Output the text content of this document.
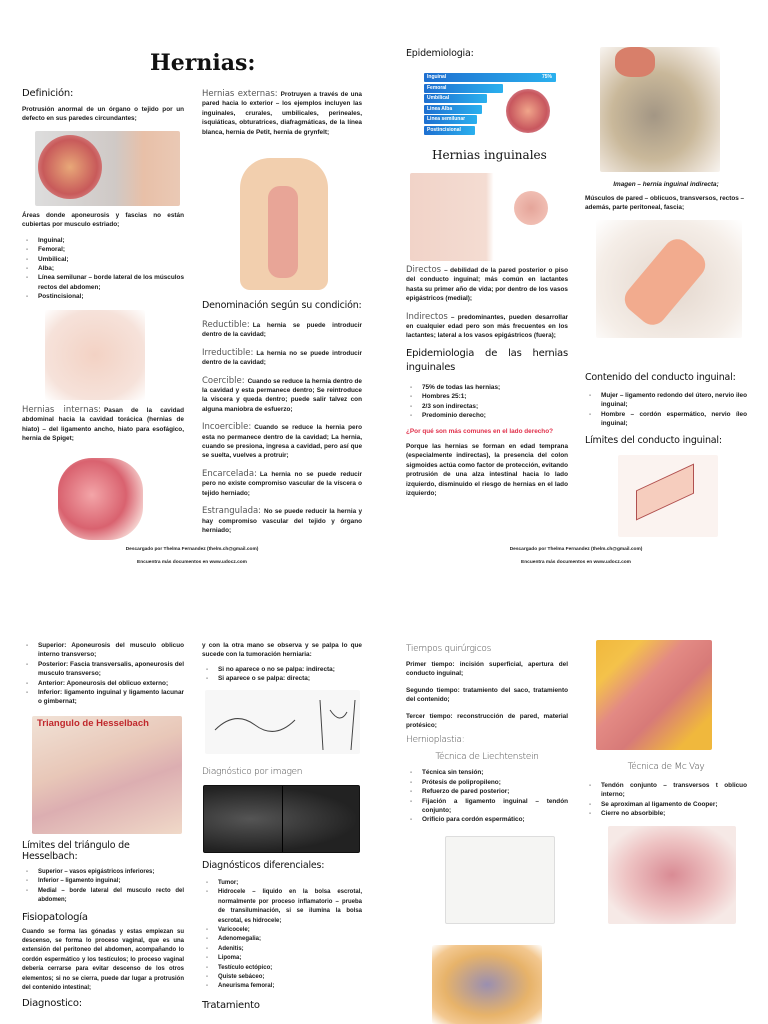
Hernias:
Definición:

Protrusión anormal de un órgano o tejido por un defecto en sus paredes circundantes;

Áreas donde aponeurosis y fascias no están cubiertas por musculo estriado;

- Inguinal;
- Femoral;
- Umbilical;
- Alba;
- Línea semilunar – borde lateral de los músculos rectos del abdomen;
- Postincisional;

Hernias internas: Pasan de la cavidad abdominal hacia la cavidad torácica (hernias de hiato) – del ligamento ancho, hiato para esofágico, hernia de Spiget;

Hernias externas: Protruyen a través de una pared hacia lo exterior – los ejemplos incluyen las inguinales, crurales, umbilicales, perineales, isquiáticas, obturatrices, diafragmáticas, de la línea blanca, hernia de Petit, hernia de grynfelt;

Denominación según su condición:

Reductible: La hernia se puede introducir dentro de la cavidad;

Irreductible: La hernia no se puede introducir dentro de la cavidad;

Coercible: Cuando se reduce la hernia dentro de la cavidad y esta permanece dentro; Se reintroduce la víscera y queda dentro; puede salir talvez con alguna maniobra de esfuerzo;

Incoercible: Cuando se reduce la hernia pero esta no permanece dentro de la cavidad; La hernia, cuando se presiona, ingresa a cavidad, pero así que se suelta, vuelves a protruir;

Encarcelada: La hernia no se puede reducir pero no existe compromiso vascular de la víscera o tejido herniado;

Estrangulada: No se puede reducir la hernia y hay compromiso vascular del tejido y órgano herniado;

Descargado por Thelma Fernandez (thelm.ch@gmail.com)
Encuentra más documentos en www.udocz.com
Descargado por Thelma Fernandez (thelm.ch@gmail.com)
Encuentra más documentos en www.udocz.com
Epidemiologia:
Inguinal	75%
Femoral
Umbilical
Linea Alba
Linea semilunar
Postincisional
Hernias inguinales

Directos – debilidad de la pared posterior o piso del conducto inguinal; más común en lactantes hasta su primer año de vida; por dentro de los vasos epigástricos (medial);

Indirectos – predominantes, pueden desarrollar en cualquier edad pero son más frecuentes en los lactantes; lateral a los vasos epigástricos (fuera);

Epidemiologia de las hernias inguinales
- 75% de todas las hernias;
- Hombres 25:1;
- 2/3 son indirectas;
- Predominio derecho;

¿Por qué son más comunes en el lado derecho?

Porque las hernias se forman en edad temprana (especialmente indirectas), la presencia del colon sigmoides actúa como factor de protección, evitando protrusión de una alza intestinal hacia lo lado izquierdo, disminuido el riesgo de hernias en el lado izquierdo;

Imagen – hernia inguinal indirecta;
Músculos de pared – oblicuos, transversos, rectos – además, parte peritoneal, fascia;
Contenido del conducto inguinal:
- Mujer – ligamento redondo del útero, nervio ileo inguinal;
- Hombre – cordón espermático, nervio íleo inguinal;
Límites del conducto inguinal:
- Superior: Aponeurosis del musculo oblicuo interno transverso;
- Posterior: Fascia transversalis, aponeurosis del musculo transverso;
- Anterior: Aponeurosis del oblicuo externo;
- Inferior: ligamento inguinal y ligamento lacunar o gimbernat;
Triangulo de Hesselbach
Límites del triángulo de Hesselbach:
- Superior – vasos epigástricos inferiores;
- Inferior – ligamento inguinal;
- Medial – borde lateral del musculo recto del abdomen;
Fisiopatología

Cuando se forma las gónadas y estas empiezan su descenso, se forma lo proceso vaginal, que es una extensión del peritoneo del abdomen, acompañando lo cordón espermático y los testículos; lo proceso vaginal debería cerrarse para evitar descenso de los otros elementos; si no se cierra, puede dar lugar a protrusión del contenido intestinal;

Diagnostico:

y con la otra mano se observa y se palpa lo que sucede con la tumoración herniaria:

- Si no aparece o no se palpa: indirecta;
- Si aparece o se palpa: directa;
Diagnóstico por imagen
Diagnósticos diferenciales:
- Tumor;
- Hidrocele – liquido en la bolsa escrotal, normalmente por proceso inflamatorio – prueba de transiluminación, si se ilumina la bolsa escrotal, es hidrocele;
- Varicocele;
- Adenomegalia;
- Adenitis;
- Lipoma;
- Testículo ectópico;
- Quiste sebáceo;
- Aneurisma femoral;
Tratamiento
Tiempos quirúrgicos

Primer tiempo: incisión superficial, apertura del conducto inguinal;

Segundo tiempo: tratamiento del saco, tratamiento del contenido;

Tercer tiempo: reconstrucción de pared, material protésico;

Hernioplastia:
Técnica de Liechtenstein
- Técnica sin tensión;
- Prótesis de polipropileno;
- Refuerzo de pared posterior;
- Fijación a ligamento inguinal – tendón conjunto;
- Orificio para cordón espermático;
Técnica de Mc Vay
- Tendón conjunto – transversos t oblicuo interno;
- Se aproximan al ligamento de Cooper;
- Cierre no absorbible;
